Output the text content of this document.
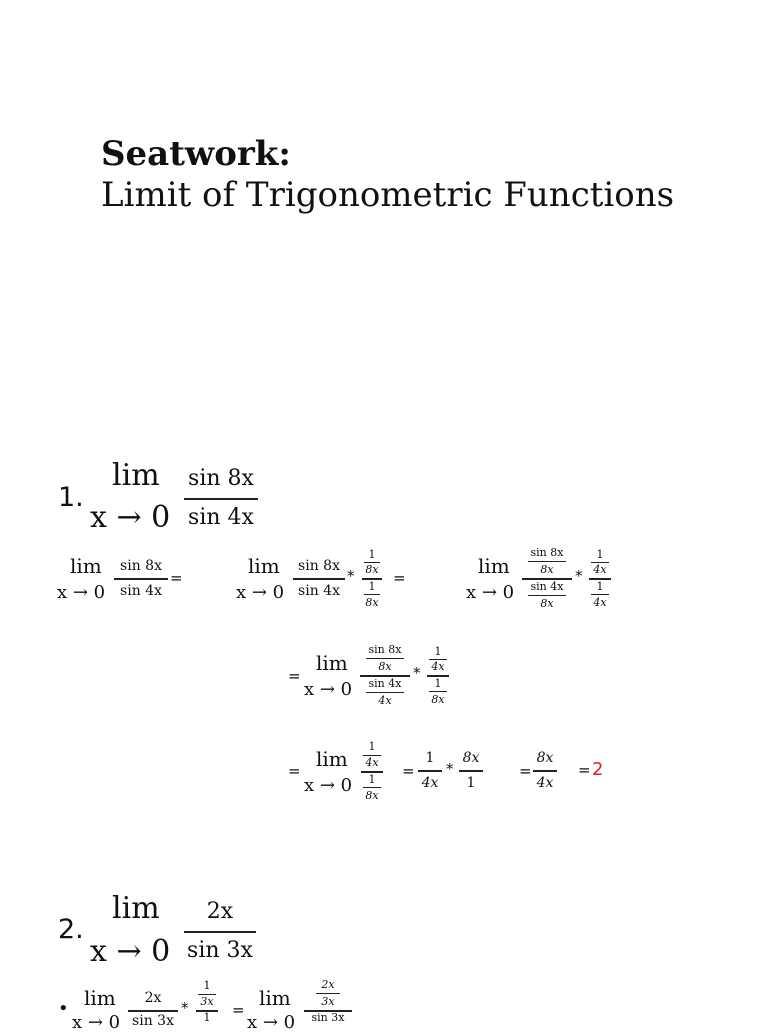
Seatwork:
Limit of Trigonometric Functions
1.
lim
x → 0
sin 8x
sin 4x
lim
x → 0
sin 8x
sin 4x
=	lim
x → 0
sin 8x
sin 4x
*
1
8x
1
8x
=	lim
x → 0
sin 8x
8x
sin 4x
8x
*
1
4x
1
4x
=
lim
x → 0
sin 8x
8x
sin 4x
4x
*
1
4x
1
8x
= lim
x → 0
1
4x
1
8x
=
1
4x
*
8x
1
=
8x
4x
= 2
2.
lim
x → 0
2x
sin 3x
• lim
x → 0
2x
sin 3x
*
1
3x
1	= lim
x → 0
2x
3x
sin 3x
